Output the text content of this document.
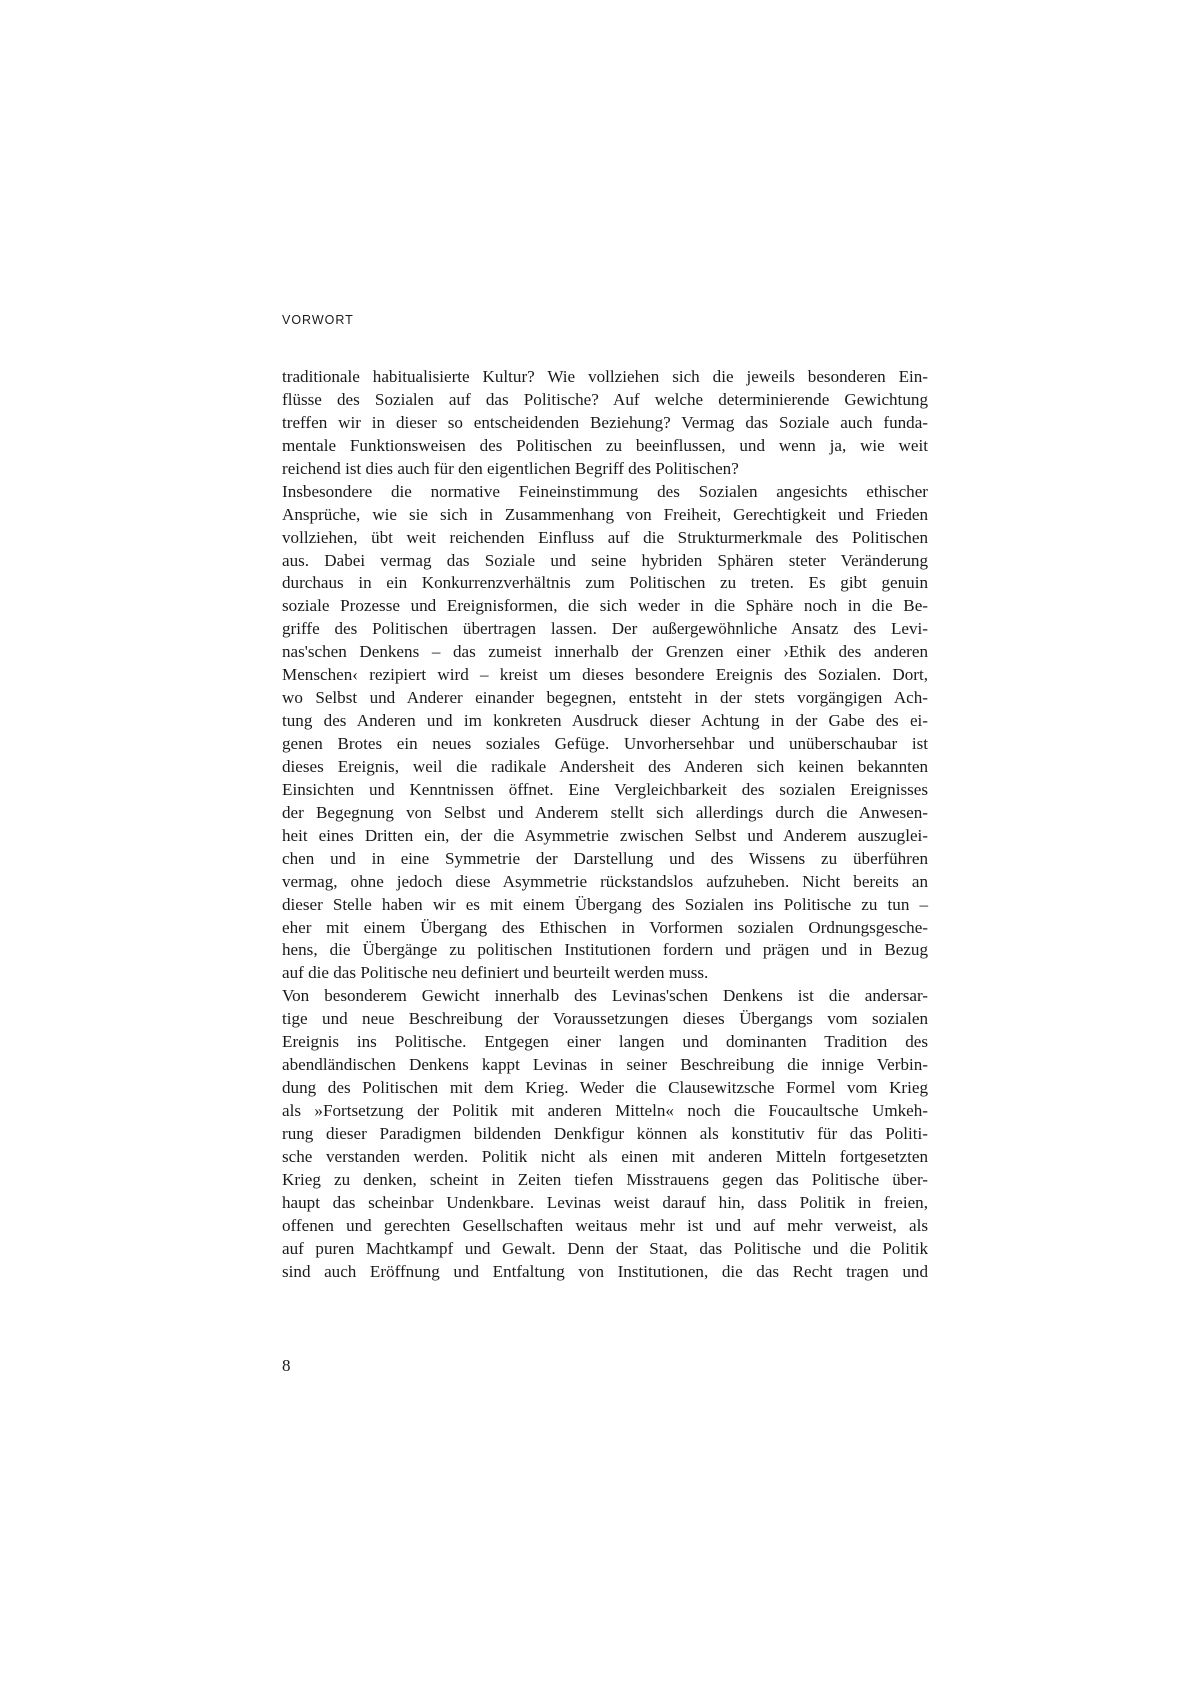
VORWORT
traditionale habitualisierte Kultur? Wie vollziehen sich die jeweils besonderen Ein-
flüsse des Sozialen auf das Politische? Auf welche determinierende Gewichtung
treffen wir in dieser so entscheidenden Beziehung? Vermag das Soziale auch funda-
mentale Funktionsweisen des Politischen zu beeinflussen, und wenn ja, wie weit
reichend ist dies auch für den eigentlichen Begriff des Politischen?
Insbesondere die normative Feineinstimmung des Sozialen angesichts ethischer
Ansprüche, wie sie sich in Zusammenhang von Freiheit, Gerechtigkeit und Frieden
vollziehen, übt weit reichenden Einfluss auf die Strukturmerkmale des Politischen
aus. Dabei vermag das Soziale und seine hybriden Sphären steter Veränderung
durchaus in ein Konkurrenzverhältnis zum Politischen zu treten. Es gibt genuin
soziale Prozesse und Ereignisformen, die sich weder in die Sphäre noch in die Be-
griffe des Politischen übertragen lassen. Der außergewöhnliche Ansatz des Levi-
nas'schen Denkens – das zumeist innerhalb der Grenzen einer ›Ethik des anderen
Menschen‹ rezipiert wird – kreist um dieses besondere Ereignis des Sozialen. Dort,
wo Selbst und Anderer einander begegnen, entsteht in der stets vorgängigen Ach-
tung des Anderen und im konkreten Ausdruck dieser Achtung in der Gabe des ei-
genen Brotes ein neues soziales Gefüge. Unvorhersehbar und unüberschaubar ist
dieses Ereignis, weil die radikale Andersheit des Anderen sich keinen bekannten
Einsichten und Kenntnissen öffnet. Eine Vergleichbarkeit des sozialen Ereignisses
der Begegnung von Selbst und Anderem stellt sich allerdings durch die Anwesen-
heit eines Dritten ein, der die Asymmetrie zwischen Selbst und Anderem auszuglei-
chen und in eine Symmetrie der Darstellung und des Wissens zu überführen
vermag, ohne jedoch diese Asymmetrie rückstandslos aufzuheben. Nicht bereits an
dieser Stelle haben wir es mit einem Übergang des Sozialen ins Politische zu tun –
eher mit einem Übergang des Ethischen in Vorformen sozialen Ordnungsgesche-
hens, die Übergänge zu politischen Institutionen fordern und prägen und in Bezug
auf die das Politische neu definiert und beurteilt werden muss.
Von besonderem Gewicht innerhalb des Levinas'schen Denkens ist die andersar-
tige und neue Beschreibung der Voraussetzungen dieses Übergangs vom sozialen
Ereignis ins Politische. Entgegen einer langen und dominanten Tradition des
abendländischen Denkens kappt Levinas in seiner Beschreibung die innige Verbin-
dung des Politischen mit dem Krieg. Weder die Clausewitzsche Formel vom Krieg
als »Fortsetzung der Politik mit anderen Mitteln« noch die Foucaultsche Umkeh-
rung dieser Paradigmen bildenden Denkfigur können als konstitutiv für das Politi-
sche verstanden werden. Politik nicht als einen mit anderen Mitteln fortgesetzten
Krieg zu denken, scheint in Zeiten tiefen Misstrauens gegen das Politische über-
haupt das scheinbar Undenkbare. Levinas weist darauf hin, dass Politik in freien,
offenen und gerechten Gesellschaften weitaus mehr ist und auf mehr verweist, als
auf puren Machtkampf und Gewalt. Denn der Staat, das Politische und die Politik
sind auch Eröffnung und Entfaltung von Institutionen, die das Recht tragen und
8
